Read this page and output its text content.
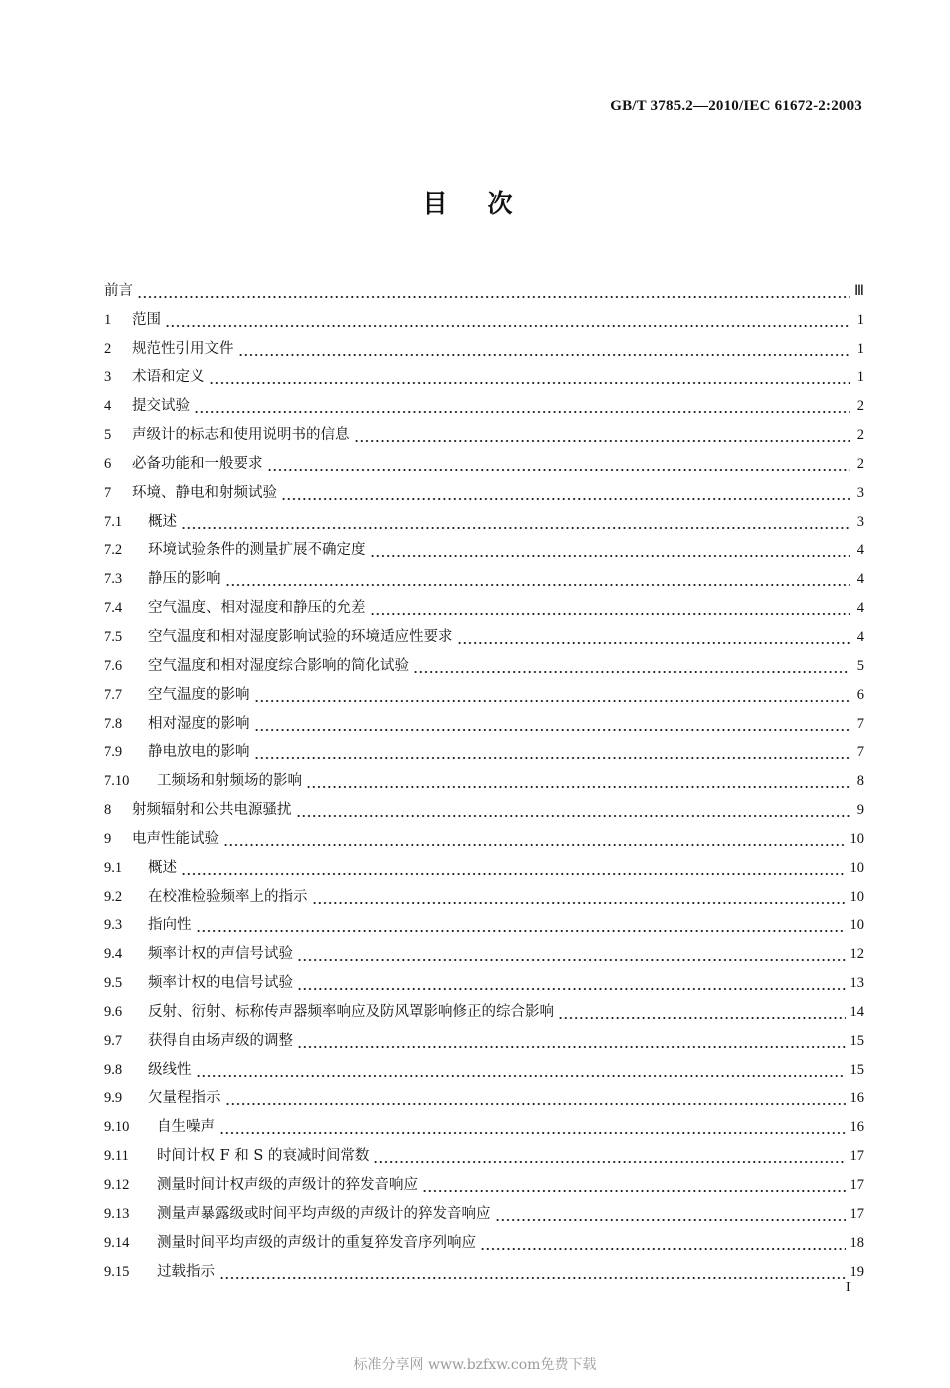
GB/T 3785.2—2010/IEC 61672-2:2003
目次
前言	Ⅲ
1	范围	1
2	规范性引用文件	1
3	术语和定义	1
4	提交试验	2
5	声级计的标志和使用说明书的信息	2
6	必备功能和一般要求	2
7	环境、静电和射频试验	3
7.1	概述	3
7.2	环境试验条件的测量扩展不确定度	4
7.3	静压的影响	4
7.4	空气温度、相对湿度和静压的允差	4
7.5	空气温度和相对湿度影响试验的环境适应性要求	4
7.6	空气温度和相对湿度综合影响的简化试验	5
7.7	空气温度的影响	6
7.8	相对湿度的影响	7
7.9	静电放电的影响	7
7.10	工频场和射频场的影响	8
8	射频辐射和公共电源骚扰	9
9	电声性能试验	10
9.1	概述	10
9.2	在校准检验频率上的指示	10
9.3	指向性	10
9.4	频率计权的声信号试验	12
9.5	频率计权的电信号试验	13
9.6	反射、衍射、标称传声器频率响应及防风罩影响修正的综合影响	14
9.7	获得自由场声级的调整	15
9.8	级线性	15
9.9	欠量程指示	16
9.10	自生噪声	16
9.11	时间计权 F 和 S 的衰减时间常数	17
9.12	测量时间计权声级的声级计的猝发音响应	17
9.13	测量声暴露级或时间平均声级的声级计的猝发音响应	17
9.14	测量时间平均声级的声级计的重复猝发音序列响应	18
9.15	过载指示	19
I
标准分享网 www.bzfxw.com免费下载
